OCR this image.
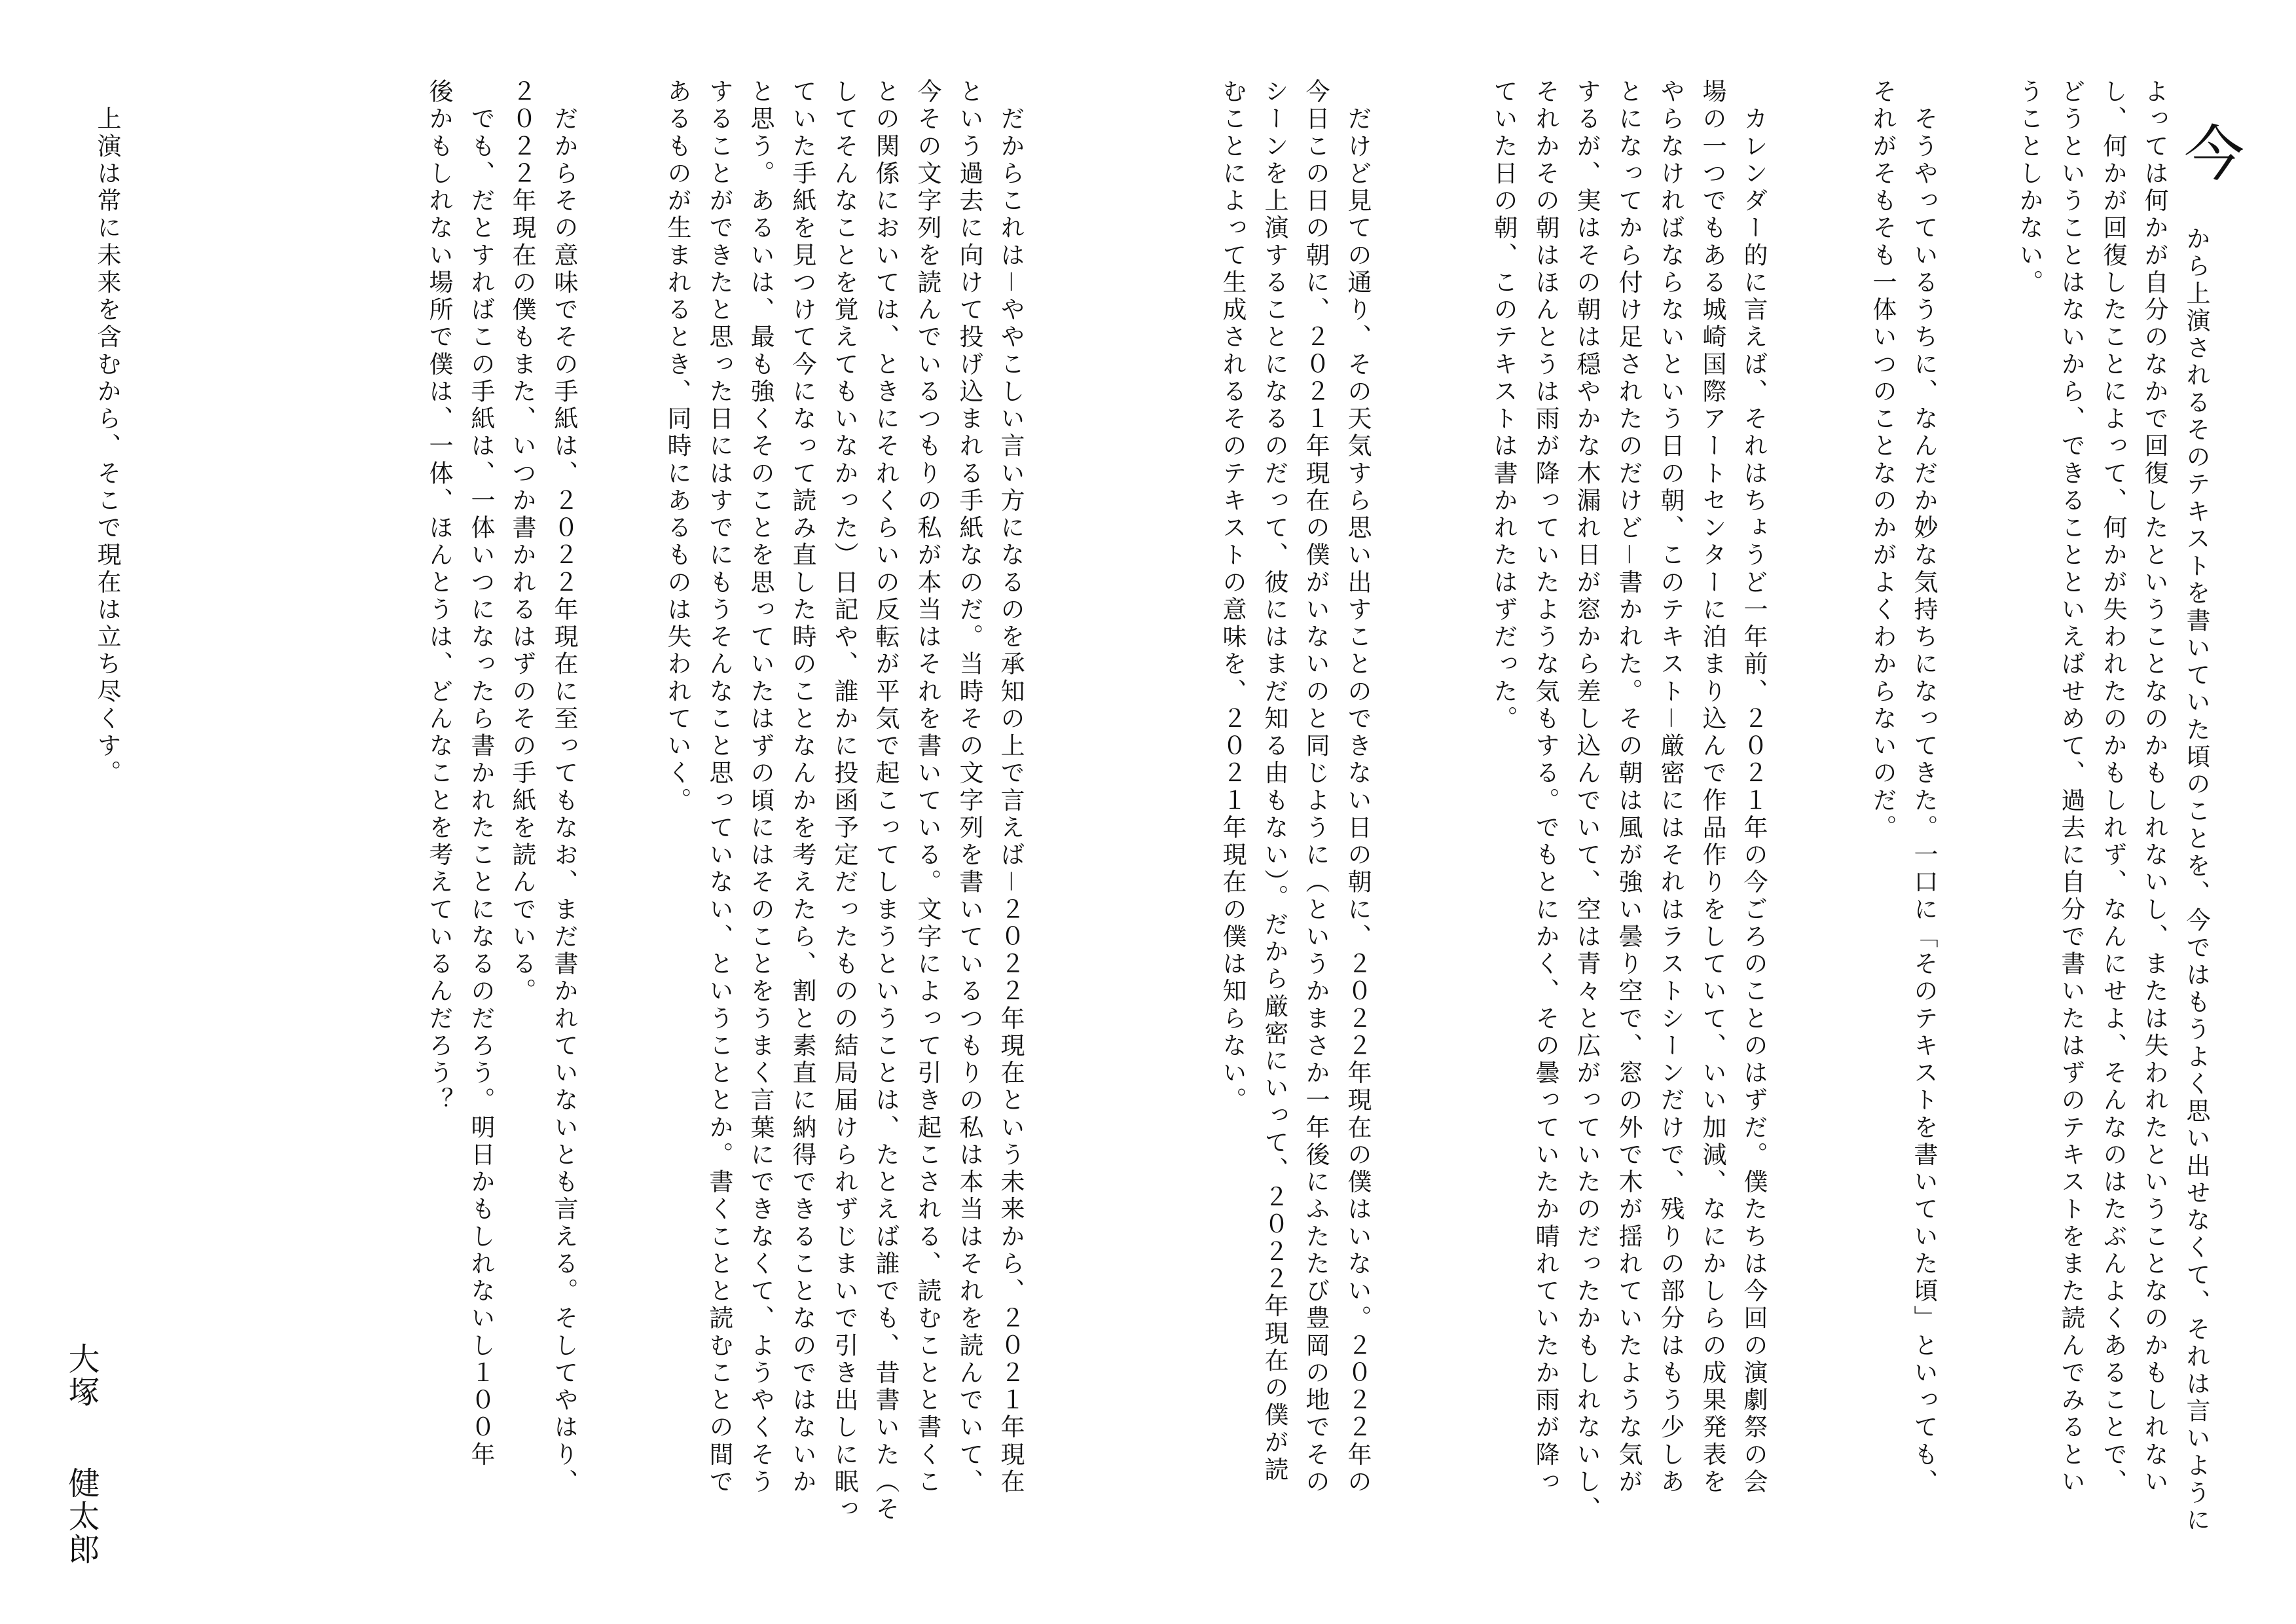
今

から上演されるそのテキストを書いていた頃のことを、今ではもうよく思い出せなくて、それは言いように

よっては何かが自分のなかで回復したということなのかもしれないし、または失われたということなのかもしれない

し、何かが回復したことによって、何かが失われたのかもしれず、なんにせよ、そんなのはたぶんよくあることで、

どうということはないから、できることといえばせめて、過去に自分で書いたはずのテキストをまた読んでみるとい

うことしかない。

　そうやっているうちに、なんだか妙な気持ちになってきた。一口に「そのテキストを書いていた頃」といっても、

それがそもそも一体いつのことなのかがよくわからないのだ。

　カレンダー的に言えば、それはちょうど一年前、２０２１年の今ごろのことのはずだ。僕たちは今回の演劇祭の会

場の一つでもある城崎国際アートセンターに泊まり込んで作品作りをしていて、いい加減、なにかしらの成果発表を

やらなければならないという日の朝、このテキスト－厳密にはそれはラストシーンだけで、残りの部分はもう少しあ

とになってから付け足されたのだけど－書かれた。その朝は風が強い曇り空で、窓の外で木が揺れていたような気が

するが、実はその朝は穏やかな木漏れ日が窓から差し込んでいて、空は青々と広がっていたのだったかもしれないし、

それかその朝はほんとうは雨が降っていたような気もする。でもとにかく、その曇っていたか晴れていたか雨が降っ

ていた日の朝、このテキストは書かれたはずだった。

　だけど見ての通り、その天気すら思い出すことのできない日の朝に、２０２２年現在の僕はいない。２０２２年の

今日この日の朝に、２０２１年現在の僕がいないのと同じように（というかまさか一年後にふたたび豊岡の地でその

シーンを上演することになるのだって、彼にはまだ知る由もない）。だから厳密にいって、２０２２年現在の僕が読

むことによって生成されるそのテキストの意味を、２０２１年現在の僕は知らない。

　だからこれは－ややこしい言い方になるのを承知の上で言えば－２０２２年現在という未来から、２０２１年現在

という過去に向けて投げ込まれる手紙なのだ。当時その文字列を書いているつもりの私は本当はそれを読んでいて、

今その文字列を読んでいるつもりの私が本当はそれを書いている。文字によって引き起こされる、読むことと書くこ

との関係においては、ときにそれくらいの反転が平気で起こってしまうということは、たとえば誰でも、昔書いた（そ

してそんなことを覚えてもいなかった）日記や、誰かに投函予定だったものの結局届けられずじまいで引き出しに眠っ

ていた手紙を見つけて今になって読み直した時のことなんかを考えたら、割と素直に納得できることなのではないか

と思う。あるいは、最も強くそのことを思っていたはずの頃にはそのことをうまく言葉にできなくて、ようやくそう

することができたと思った日にはすでにもうそんなこと思っていない、ということとか。書くことと読むことの間で

あるものが生まれるとき、同時にあるものは失われていく。

　だからその意味でその手紙は、２０２２年現在に至ってもなお、まだ書かれていないとも言える。そしてやはり、

２０２２年現在の僕もまた、いつか書かれるはずのその手紙を読んでいる。

　でも、だとすればこの手紙は、一体いつになったら書かれたことになるのだろう。明日かもしれないし１００年

後かもしれない場所で僕は、一体、ほんとうは、どんなことを考えているんだろう？

　上演は常に未来を含むから、そこで現在は立ち尽くす。

大塚
健太郎
